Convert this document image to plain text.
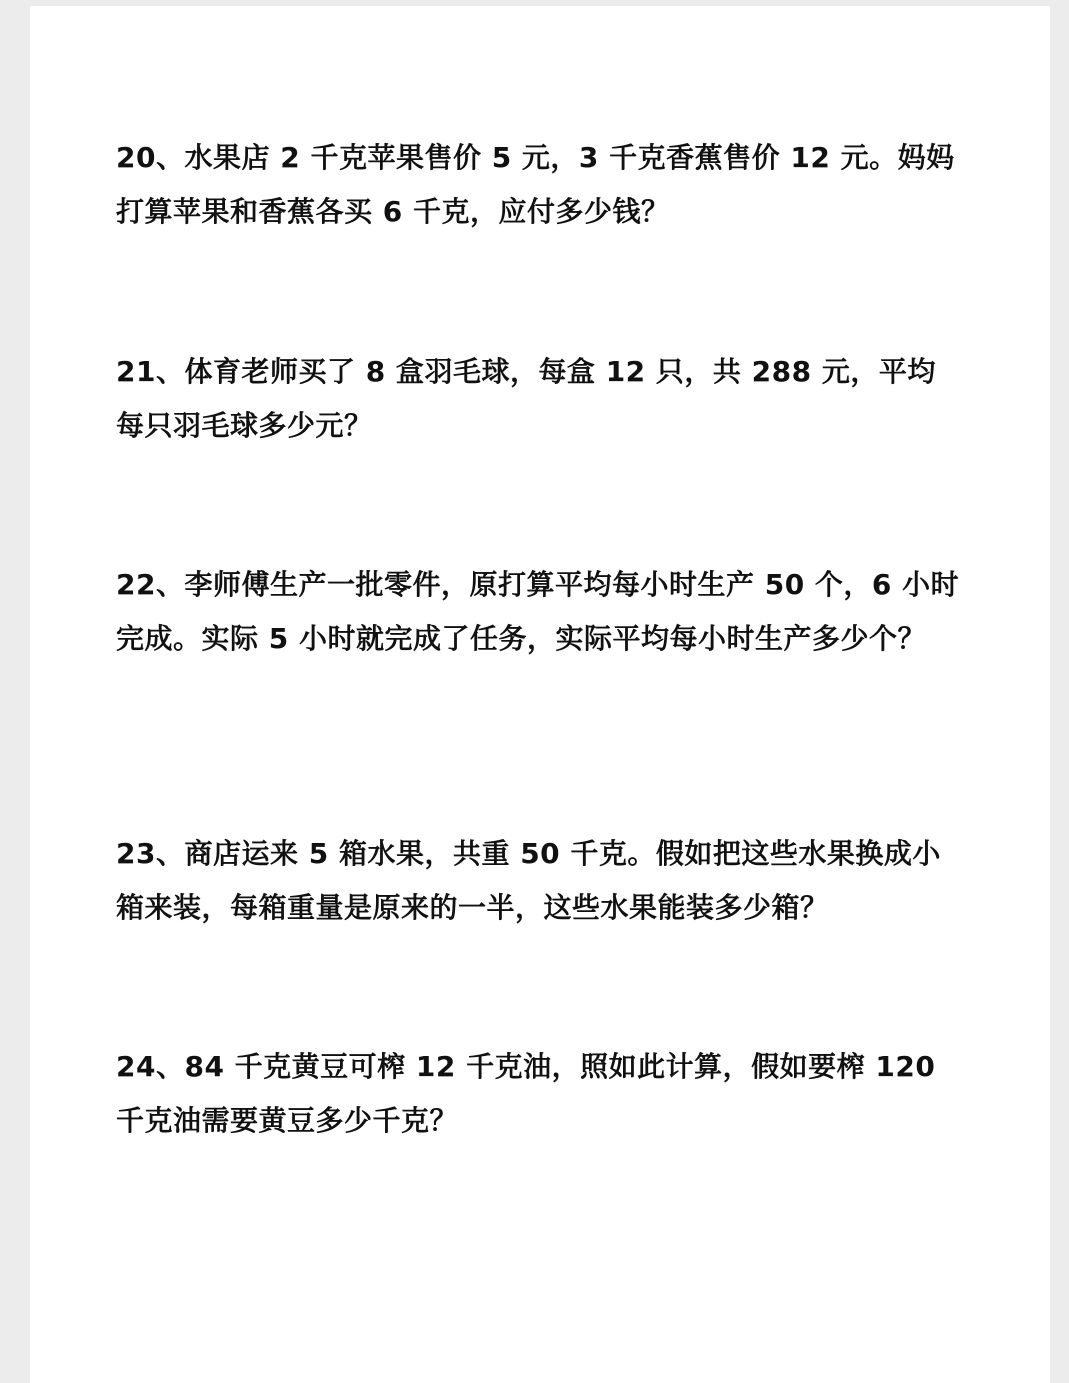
20、水果店 2 千克苹果售价 5 元，3 千克香蕉售价 12 元。妈妈打算苹果和香蕉各买 6 千克，应付多少钱？

21、体育老师买了 8 盒羽毛球，每盒 12 只，共 288 元，平均每只羽毛球多少元？

22、李师傅生产一批零件，原打算平均每小时生产 50 个，6 小时完成。实际 5 小时就完成了任务，实际平均每小时生产多少个？

23、商店运来 5 箱水果，共重 50 千克。假如把这些水果换成小箱来装，每箱重量是原来的一半，这些水果能装多少箱？

24、84 千克黄豆可榨 12 千克油，照如此计算，假如要榨 120 千克油需要黄豆多少千克？
